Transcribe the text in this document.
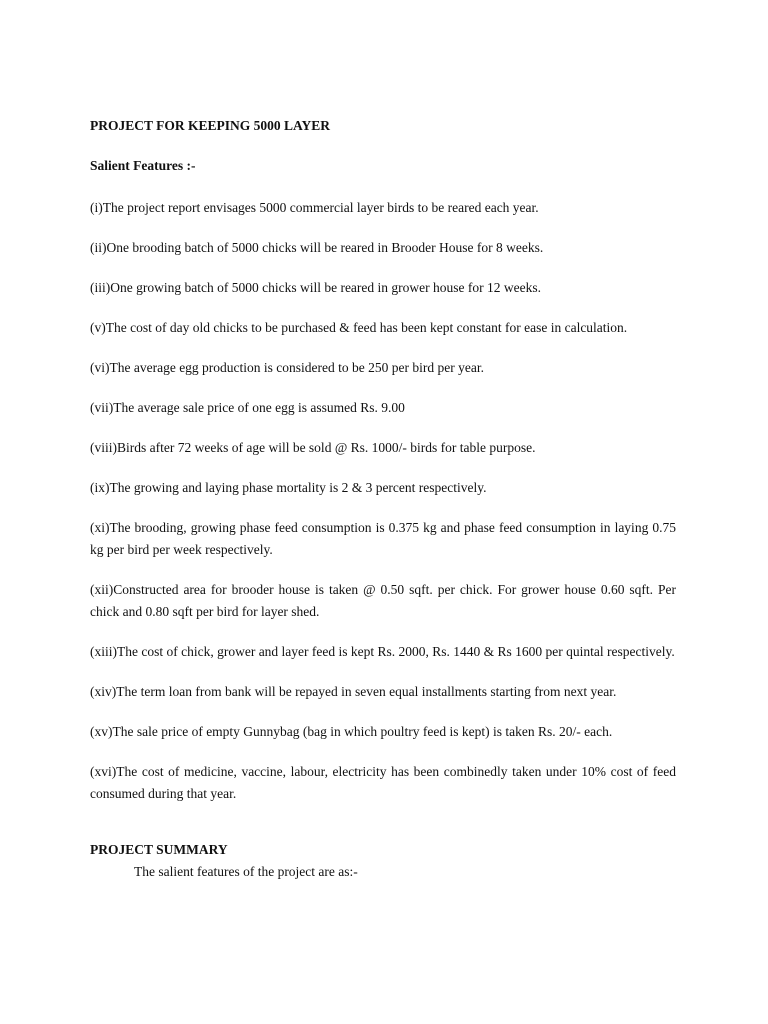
PROJECT FOR KEEPING 5000 LAYER

Salient Features :-

(i)The project report envisages 5000 commercial layer birds to be reared each year.
(ii)One brooding batch of 5000 chicks will be reared in Brooder House for 8 weeks.
(iii)One growing batch of 5000 chicks will be reared in grower house for 12 weeks.
(v)The cost of day old chicks to be purchased & feed has been kept constant for ease in calculation.
(vi)The average egg production is considered to be 250 per bird per year.
(vii)The average sale price of one egg is assumed Rs. 9.00
(viii)Birds after 72 weeks of age will be sold @ Rs. 1000/- birds for table purpose.
(ix)The growing and laying phase mortality is 2 & 3 percent respectively.
(xi)The brooding, growing phase feed consumption is 0.375 kg and phase feed consumption in laying 0.75 kg per bird per week respectively.
(xii)Constructed area for brooder house is taken @ 0.50 sqft. per chick. For grower house 0.60 sqft. Per chick and 0.80 sqft per bird for layer shed.
(xiii)The cost of chick, grower and layer feed is kept Rs. 2000, Rs. 1440 & Rs 1600 per quintal respectively.
(xiv)The term loan from bank will be repayed in seven equal installments starting from next year.
(xv)The sale price of empty Gunnybag (bag in which poultry feed is kept) is taken Rs. 20/- each.
(xvi)The cost of medicine, vaccine, labour, electricity has been combinedly taken under 10% cost of feed consumed during that year.

PROJECT SUMMARY

The salient features of the project are as:-
